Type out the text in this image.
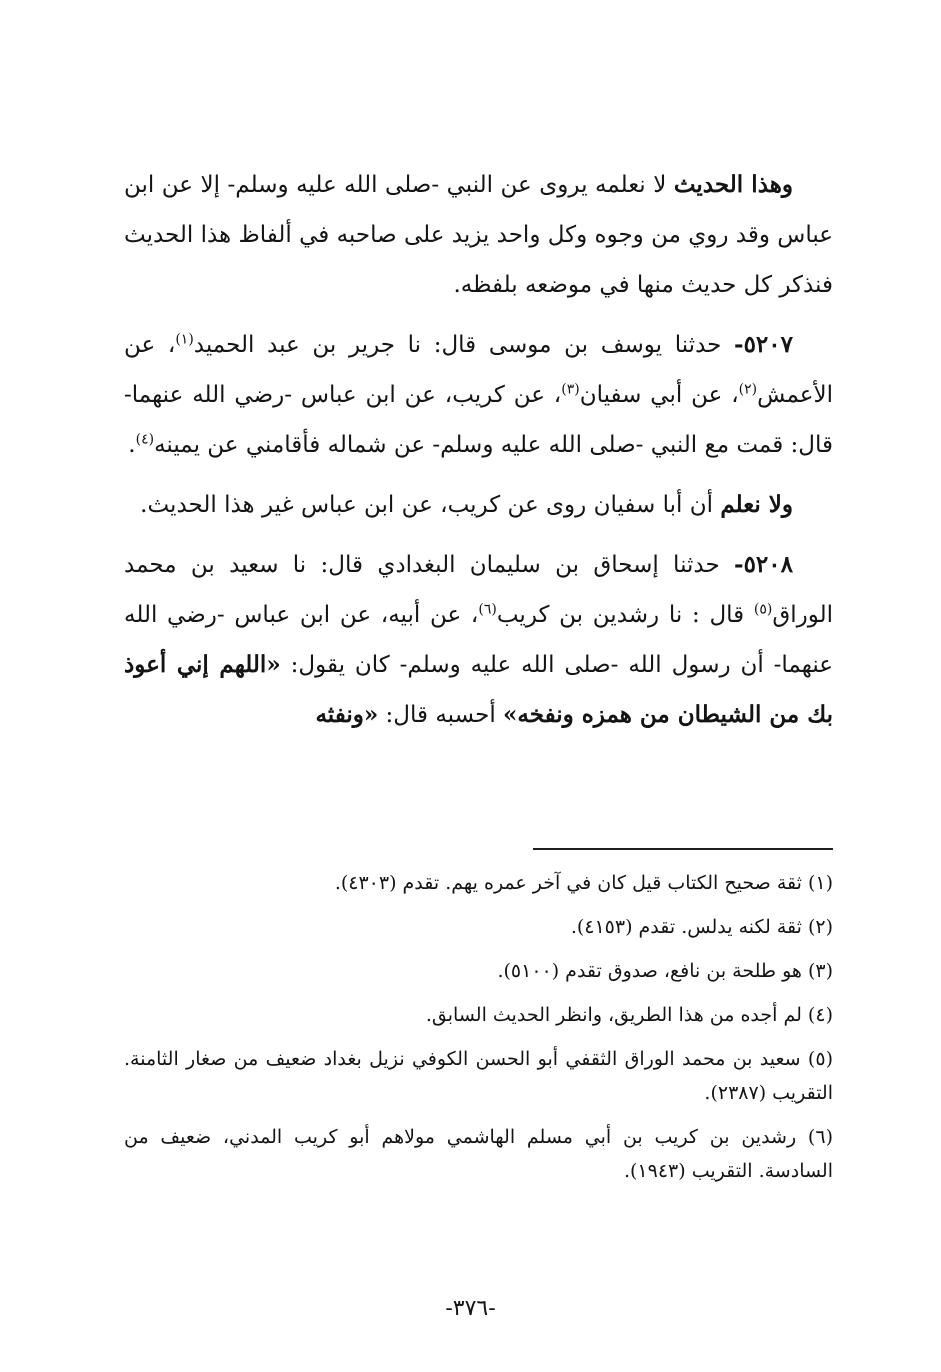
وهذا الحديث لا نعلمه يروى عن النبي -صلى الله عليه وسلم- إلا عن ابن عباس وقد روي من وجوه وكل واحد يزيد على صاحبه في ألفاظ هذا الحديث فنذكر كل حديث منها في موضعه بلفظه.

٥٢٠٧- حدثنا يوسف بن موسى قال: نا جرير بن عبد الحميد$^{(١)}$، عن الأعمش$^{(٢)}$، عن أبي سفيان$^{(٣)}$، عن كريب، عن ابن عباس -رضي الله عنهما- قال: قمت مع النبي -صلى الله عليه وسلم- عن شماله فأقامني عن يمينه$^{(٤)}$.

ولا نعلم أن أبا سفيان روى عن كريب، عن ابن عباس غير هذا الحديث.

٥٢٠٨- حدثنا إسحاق بن سليمان البغدادي قال: نا سعيد بن محمد الوراق$^{(٥)}$ قال : نا رشدين بن كريب$^{(٦)}$، عن أبيه، عن ابن عباس -رضي الله عنهما- أن رسول الله -صلى الله عليه وسلم- كان يقول: «اللهم إني أعوذ بك من الشيطان من همزه ونفخه» أحسبه قال: «ونفثه

(١) ثقة صحيح الكتاب قيل كان في آخر عمره يهم. تقدم (٤٣٠٣).

(٢) ثقة لكنه يدلس. تقدم (٤١٥٣).

(٣) هو طلحة بن نافع، صدوق تقدم (٥١٠٠).

(٤) لم أجده من هذا الطريق، وانظر الحديث السابق.

(٥) سعيد بن محمد الوراق الثقفي أبو الحسن الكوفي نزيل بغداد ضعيف من صغار الثامنة. التقريب (٢٣٨٧).

(٦) رشدين بن كريب بن أبي مسلم الهاشمي مولاهم أبو كريب المدني، ضعيف من السادسة. التقريب (١٩٤٣).

-٣٧٦-
